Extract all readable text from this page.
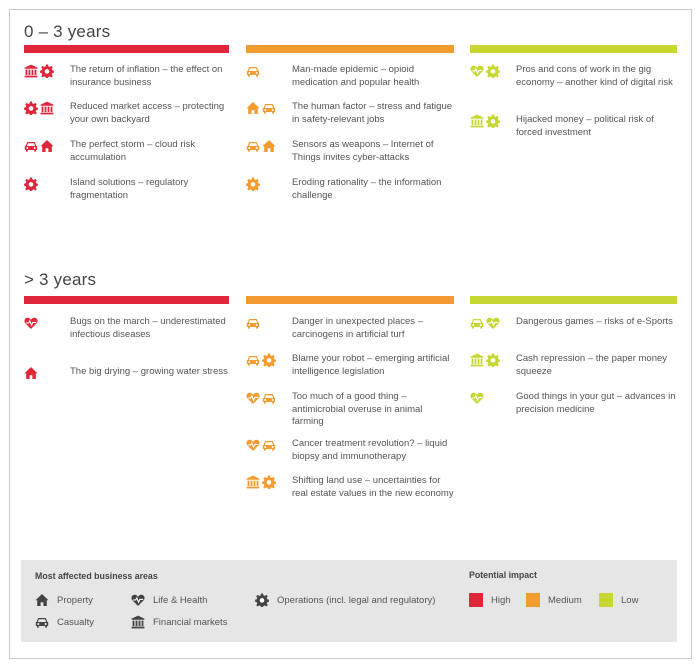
0 – 3 years
The return of inflation – the effect on insurance business
Reduced market access – protecting your own backyard
The perfect storm – cloud risk accumulation
Island solutions – regulatory fragmentation
Man-made epidemic – opioid medication and popular health
The human factor – stress and fatigue in safety-relevant jobs
Sensors as weapons – Internet of Things invites cyber-attacks
Eroding rationality – the information challenge
Pros and cons of work in the gig economy – another kind of digital risk
Hijacked money – political risk of forced investment
> 3 years
Bugs on the march – underestimated infectious diseases
The big drying – growing water stress
Danger in unexpected places – carcinogens in artificial turf
Blame your robot – emerging artificial intelligence legislation
Too much of a good thing – antimicrobial overuse in animal farming
Cancer treatment revolution? – liquid biopsy and immunotherapy
Shifting land use – uncertainties for real estate values in the new economy
Dangerous games – risks of e-Sports
Cash repression – the paper money squeeze
Good things in your gut – advances in precision medicine
Most affected business areas	Potential impact
Property	Life & Health	Operations (incl. legal and regulatory)
Casualty	Financial markets
High	Medium	Low
